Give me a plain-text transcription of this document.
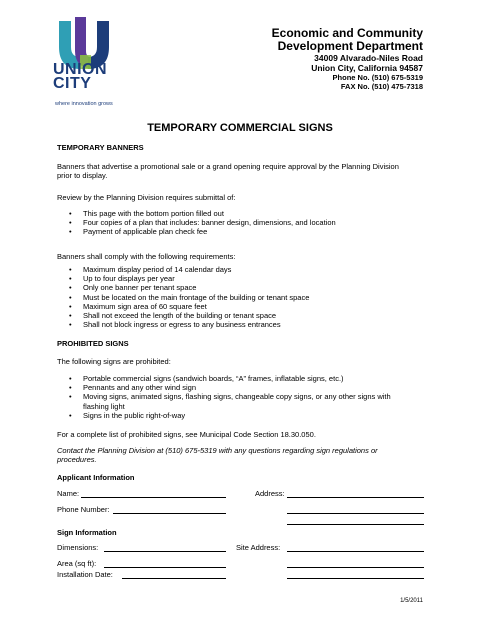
UNION
CITY
where innovation grows
Economic and Community
Development Department
34009 Alvarado-Niles Road
Union City, California 94587
Phone No. (510) 675-5319
FAX No. (510) 475-7318
TEMPORARY COMMERCIAL SIGNS
TEMPORARY BANNERS
Banners that advertise a promotional sale or a grand opening require approval by the Planning Division
prior to display.
Review by the Planning Division requires submittal of:
• This page with the bottom portion filled out
• Four copies of a plan that includes: banner design, dimensions, and location
• Payment of applicable plan check fee
Banners shall comply with the following requirements:
• Maximum display period of 14 calendar days
• Up to four displays per year
• Only one banner per tenant space
• Must be located on the main frontage of the building or tenant space
• Maximum sign area of 60 square feet
• Shall not exceed the length of the building or tenant space
• Shall not block ingress or egress to any business entrances
PROHIBITED SIGNS
The following signs are prohibited:
• Portable commercial signs (sandwich boards, “A” frames, inflatable signs, etc.)
• Pennants and any other wind sign
• Moving signs, animated signs, flashing signs, changeable copy signs, or any other signs with
flashing light
• Signs in the public right-of-way
For a complete list of prohibited signs, see Municipal Code Section 18.30.050.
Contact the Planning Division at (510) 675-5319 with any questions regarding sign regulations or
procedures.
Applicant Information
Name:	Address:
Phone Number:
Sign Information
Dimensions:	Site Address:
Area (sq ft):
Installation Date:
1/5/2011
